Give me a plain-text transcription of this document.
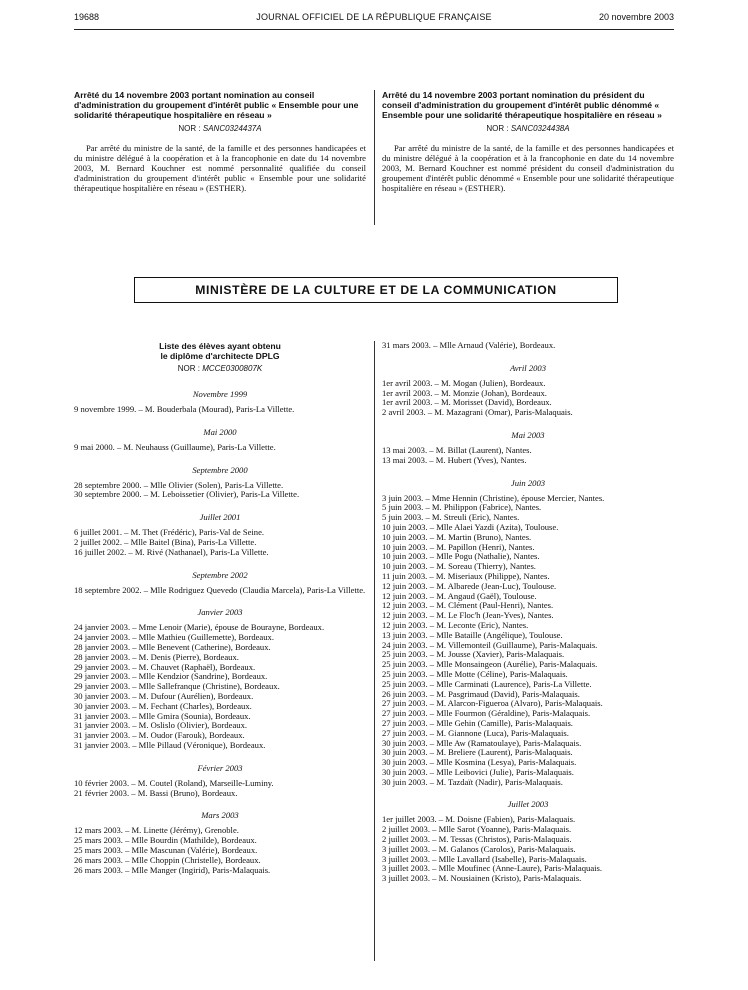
19688	JOURNAL OFFICIEL DE LA RÉPUBLIQUE FRANÇAISE	20 novembre 2003

Arrêté du 14 novembre 2003 portant nomination au conseil d'administration du groupement d'intérêt public « Ensemble pour une solidarité thérapeutique hospitalière en réseau »

NOR : SANC0324437A

Par arrêté du ministre de la santé, de la famille et des personnes handicapées et du ministre délégué à la coopération et à la francophonie en date du 14 novembre 2003, M. Bernard Kouchner est nommé personnalité qualifiée du conseil d'administration du groupement d'intérêt public « Ensemble pour une solidarité thérapeutique hospitalière en réseau » (ESTHER).

Arrêté du 14 novembre 2003 portant nomination du président du conseil d'administration du groupement d'intérêt public dénommé « Ensemble pour une solidarité thérapeutique hospitalière en réseau »

NOR : SANC0324438A

Par arrêté du ministre de la santé, de la famille et des personnes handicapées et du ministre délégué à la coopération et à la francophonie en date du 14 novembre 2003, M. Bernard Kouchner est nommé président du conseil d'administration du groupement d'intérêt public dénommé « Ensemble pour une solidarité thérapeutique hospitalière en réseau » (ESTHER).

MINISTÈRE DE LA CULTURE ET DE LA COMMUNICATION

Liste des élèves ayant obtenu

le diplôme d'architecte DPLG

NOR : MCCE0300807K

Novembre 1999

9 novembre 1999. – M. Bouderbala (Mourad), Paris-La Villette.

Mai 2000

9 mai 2000. – M. Neuhauss (Guillaume), Paris-La Villette.

Septembre 2000

28 septembre 2000. – Mlle Olivier (Solen), Paris-La Villette.

30 septembre 2000. – M. Leboissetier (Olivier), Paris-La Villette.

Juillet 2001

6 juillet 2001. – M. Thet (Frédéric), Paris-Val de Seine.

2 juillet 2002. – Mlle Baitel (Bina), Paris-La Villette.

16 juillet 2002. – M. Rivé (Nathanael), Paris-La Villette.

Septembre 2002

18 septembre 2002. – Mlle Rodriguez Quevedo (Claudia Marcela), Paris-La Villette.

Janvier 2003

24 janvier 2003. – Mme Lenoir (Marie), épouse de Bourayne, Bordeaux.

24 janvier 2003. – Mlle Mathieu (Guillemette), Bordeaux.

28 janvier 2003. – Mlle Benevent (Catherine), Bordeaux.

28 janvier 2003. – M. Denis (Pierre), Bordeaux.

29 janvier 2003. – M. Chauvet (Raphaël), Bordeaux.

29 janvier 2003. – Mlle Kendzior (Sandrine), Bordeaux.

29 janvier 2003. – Mlle Sallefranque (Christine), Bordeaux.

30 janvier 2003. – M. Dufour (Aurélien), Bordeaux.

30 janvier 2003. – M. Fechant (Charles), Bordeaux.

31 janvier 2003. – Mlle Gmira (Sounia), Bordeaux.

31 janvier 2003. – M. Oslislo (Olivier), Bordeaux.

31 janvier 2003. – M. Oudor (Farouk), Bordeaux.

31 janvier 2003. – Mlle Pillaud (Véronique), Bordeaux.

Février 2003

10 février 2003. – M. Coutel (Roland), Marseille-Luminy.

21 février 2003. – M. Bassi (Bruno), Bordeaux.

Mars 2003

12 mars 2003. – M. Linette (Jérémy), Grenoble.

25 mars 2003. – Mlle Bourdin (Mathilde), Bordeaux.

25 mars 2003. – Mlle Mascunan (Valérie), Bordeaux.

26 mars 2003. – Mlle Choppin (Christelle), Bordeaux.

26 mars 2003. – Mlle Manger (Ingirid), Paris-Malaquais.

31 mars 2003. – Mlle Arnaud (Valérie), Bordeaux.

Avril 2003

1er avril 2003. – M. Mogan (Julien), Bordeaux.

1er avril 2003. – M. Monzie (Johan), Bordeaux.

1er avril 2003. – M. Morisset (David), Bordeaux.

2 avril 2003. – M. Mazagrani (Omar), Paris-Malaquais.

Mai 2003

13 mai 2003. – M. Billat (Laurent), Nantes.

13 mai 2003. – M. Hubert (Yves), Nantes.

Juin 2003

3 juin 2003. – Mme Hennin (Christine), épouse Mercier, Nantes.

5 juin 2003. – M. Philippon (Fabrice), Nantes.

5 juin 2003. – M. Streuli (Eric), Nantes.

10 juin 2003. – Mlle Alaei Yazdi (Azita), Toulouse.

10 juin 2003. – M. Martin (Bruno), Nantes.

10 juin 2003. – M. Papillon (Henri), Nantes.

10 juin 2003. – Mlle Pogu (Nathalie), Nantes.

10 juin 2003. – M. Soreau (Thierry), Nantes.

11 juin 2003. – M. Miseriaux (Philippe), Nantes.

12 juin 2003. – M. Albarede (Jean-Luc), Toulouse.

12 juin 2003. – M. Angaud (Gaël), Toulouse.

12 juin 2003. – M. Clément (Paul-Henri), Nantes.

12 juin 2003. – M. Le Floc'h (Jean-Yves), Nantes.

12 juin 2003. – M. Leconte (Eric), Nantes.

13 juin 2003. – Mlle Bataille (Angélique), Toulouse.

24 juin 2003. – M. Villemonteil (Guillaume), Paris-Malaquais.

25 juin 2003. – M. Jousse (Xavier), Paris-Malaquais.

25 juin 2003. – Mlle Monsaingeon (Aurélie), Paris-Malaquais.

25 juin 2003. – Mlle Motte (Céline), Paris-Malaquais.

25 juin 2003. – Mlle Carminati (Laurence), Paris-La Villette.

26 juin 2003. – M. Pasgrimaud (David), Paris-Malaquais.

27 juin 2003. – M. Alarcon-Figueroa (Alvaro), Paris-Malaquais.

27 juin 2003. – Mlle Fourmon (Géraldine), Paris-Malaquais.

27 juin 2003. – Mlle Gehin (Camille), Paris-Malaquais.

27 juin 2003. – M. Giannone (Luca), Paris-Malaquais.

30 juin 2003. – Mlle Aw (Ramatoulaye), Paris-Malaquais.

30 juin 2003. – M. Breliere (Laurent), Paris-Malaquais.

30 juin 2003. – Mlle Kosmina (Lesya), Paris-Malaquais.

30 juin 2003. – Mlle Leibovici (Julie), Paris-Malaquais.

30 juin 2003. – M. Tazdaït (Nadir), Paris-Malaquais.

Juillet 2003

1er juillet 2003. – M. Doisne (Fabien), Paris-Malaquais.

2 juillet 2003. – Mlle Sarot (Yoanne), Paris-Malaquais.

2 juillet 2003. – M. Tessas (Christos), Paris-Malaquais.

3 juillet 2003. – M. Galanos (Carolos), Paris-Malaquais.

3 juillet 2003. – Mlle Lavallard (Isabelle), Paris-Malaquais.

3 juillet 2003. – Mlle Moufinec (Anne-Laure), Paris-Malaquais.

3 juillet 2003. – M. Nousiainen (Kristo), Paris-Malaquais.
